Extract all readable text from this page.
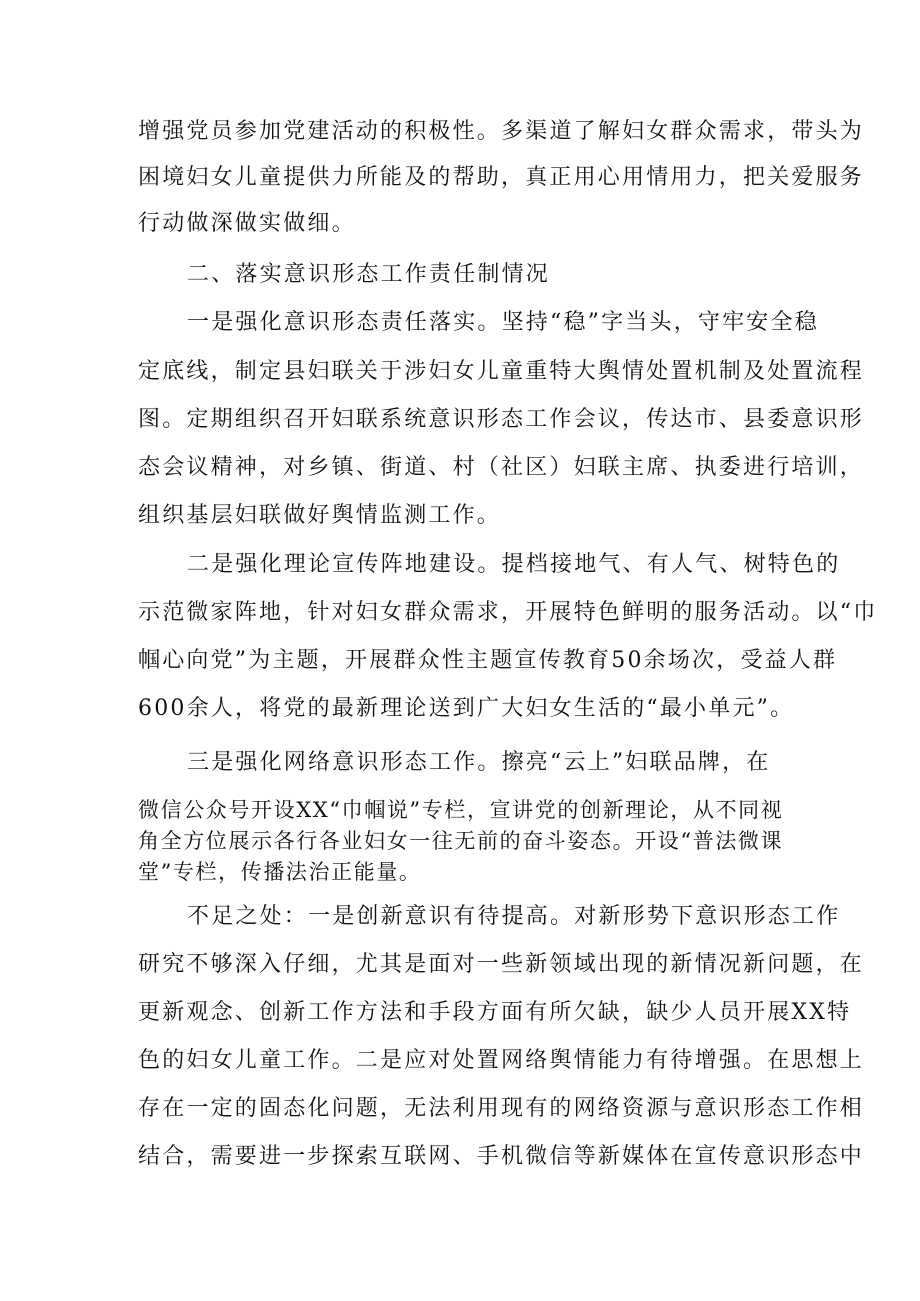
增强党员参加党建活动的积极性。多渠道了解妇女群众需求，带头为

困境妇女儿童提供力所能及的帮助，真正用心用情用力，把关爱服务

行动做深做实做细。

二、落实意识形态工作责任制情况

一是强化意识形态责任落实。坚持“稳”字当头，守牢安全稳

定底线，制定县妇联关于涉妇女儿童重特大舆情处置机制及处置流程

图。定期组织召开妇联系统意识形态工作会议，传达市、县委意识形

态会议精神，对乡镇、街道、村（社区）妇联主席、执委进行培训，

组织基层妇联做好舆情监测工作。

二是强化理论宣传阵地建设。提档接地气、有人气、树特色的

示范微家阵地，针对妇女群众需求，开展特色鲜明的服务活动。以“巾

帼心向党”为主题，开展群众性主题宣传教育50余场次，受益人群

600余人，将党的最新理论送到广大妇女生活的“最小单元”。

三是强化网络意识形态工作。擦亮“云上”妇联品牌，在

微信公众号开设XX“巾帼说”专栏，宣讲党的创新理论，从不同视

角全方位展示各行各业妇女一往无前的奋斗姿态。开设“普法微课

堂”专栏，传播法治正能量。

不足之处：一是创新意识有待提高。对新形势下意识形态工作

研究不够深入仔细，尤其是面对一些新领域出现的新情况新问题，在

更新观念、创新工作方法和手段方面有所欠缺，缺少人员开展XX特

色的妇女儿童工作。二是应对处置网络舆情能力有待增强。在思想上

存在一定的固态化问题，无法利用现有的网络资源与意识形态工作相

结合，需要进一步探索互联网、手机微信等新媒体在宣传意识形态中
